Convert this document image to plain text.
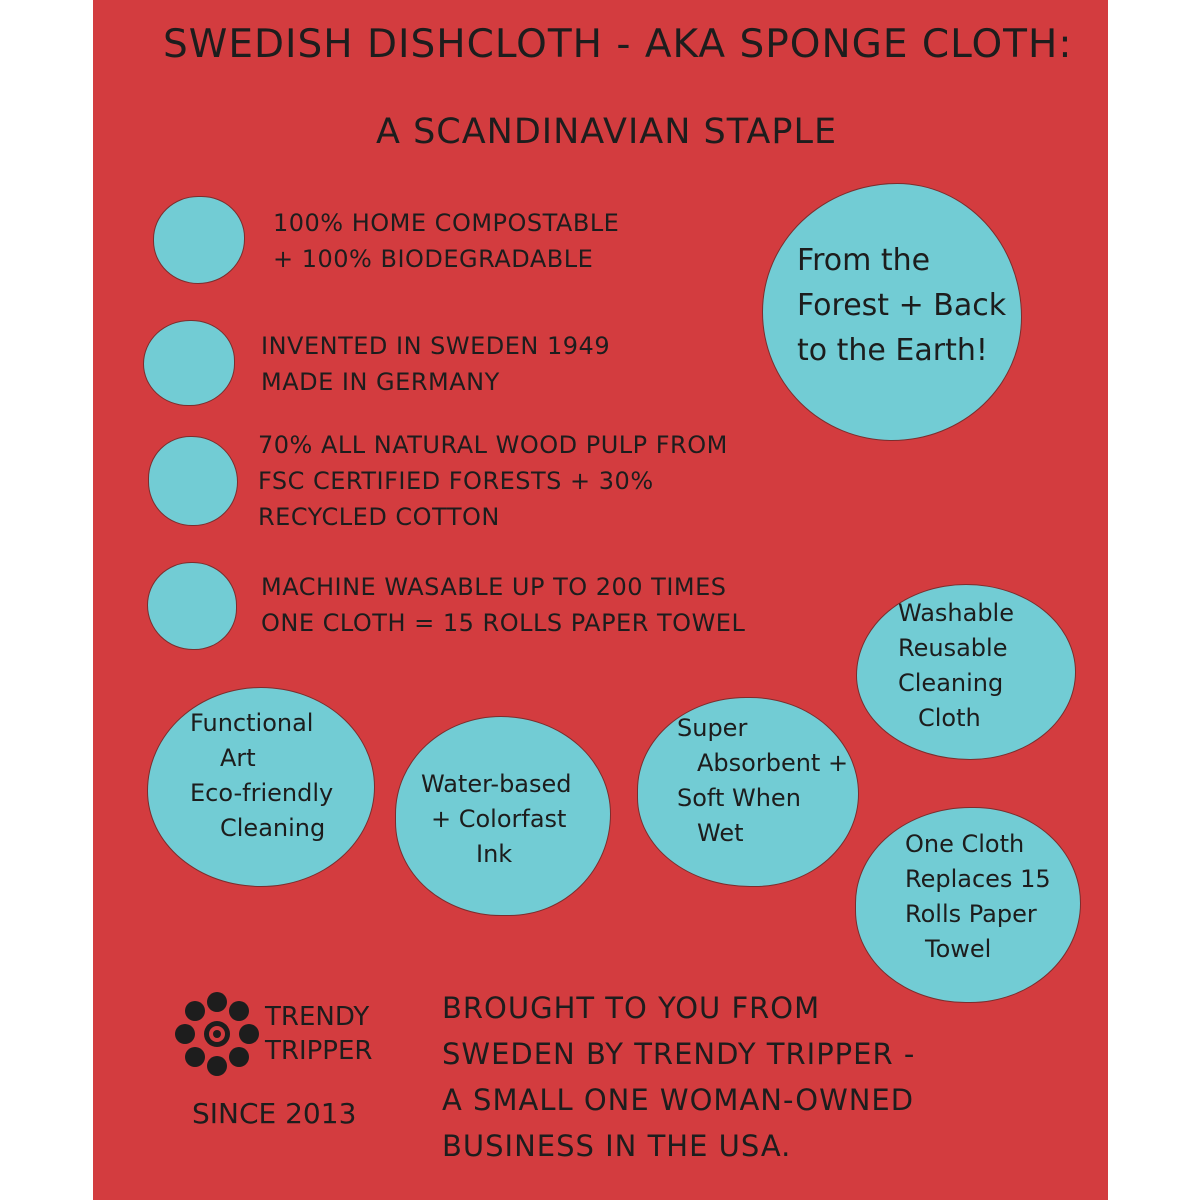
SWEDISH DISHCLOTH - AKA SPONGE CLOTH:
A SCANDINAVIAN STAPLE
100% HOME COMPOSTABLE
+ 100% BIODEGRADABLE
INVENTED IN SWEDEN 1949
MADE IN GERMANY
70% ALL NATURAL WOOD PULP FROM
FSC CERTIFIED FORESTS + 30%
RECYCLED COTTON
MACHINE WASABLE UP TO 200 TIMES
ONE CLOTH = 15 ROLLS PAPER TOWEL
From the
Forest + Back
to the Earth!
Washable
Reusable
Cleaning
Cloth
Functional
Art
Eco-friendly
Cleaning
Water-based
+ Colorfast
Ink
Super
Absorbent +
Soft When
Wet	One Cloth
Replaces 15
Rolls Paper
Towel
TRENDY
TRIPPER
SINCE 2013
BROUGHT TO YOU FROM
SWEDEN BY TRENDY TRIPPER -
A SMALL ONE WOMAN-OWNED
BUSINESS IN THE USA.
